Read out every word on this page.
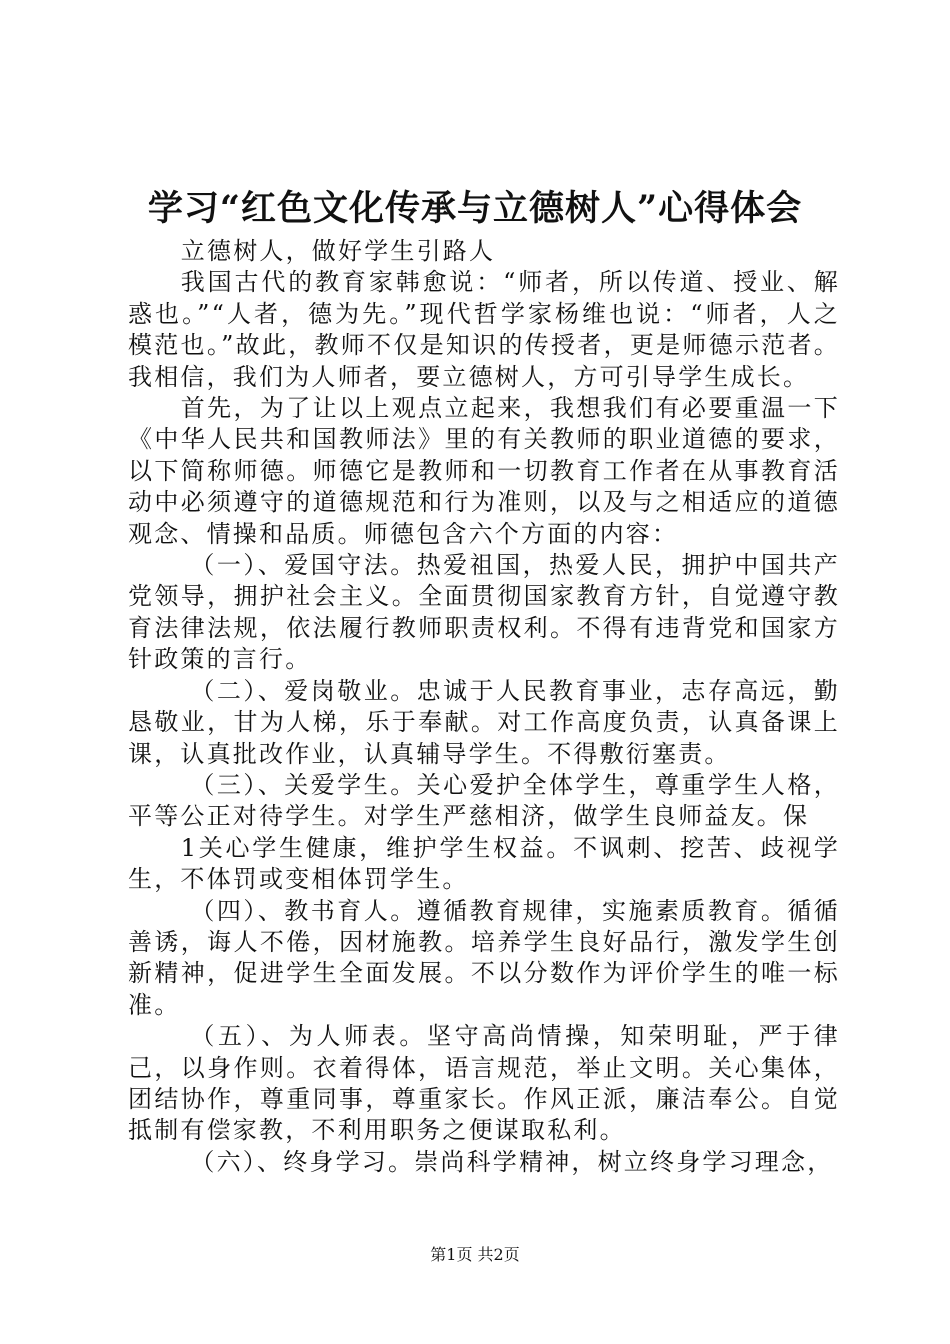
学习“红色文化传承与立德树人”心得体会

立德树人，做好学生引路人

我国古代的教育家韩愈说：“师者，所以传道、授业、解惑也。”“人者，德为先。”现代哲学家杨维也说：“师者，人之模范也。”故此，教师不仅是知识的传授者，更是师德示范者。我相信，我们为人师者，要立德树人，方可引导学生成长。

首先，为了让以上观点立起来，我想我们有必要重温一下《中华人民共和国教师法》里的有关教师的职业道德的要求，以下简称师德。师德它是教师和一切教育工作者在从事教育活动中必须遵守的道德规范和行为准则，以及与之相适应的道德观念、情操和品质。师德包含六个方面的内容：

（一）、爱国守法。热爱祖国，热爱人民，拥护中国共产党领导，拥护社会主义。全面贯彻国家教育方针，自觉遵守教育法律法规，依法履行教师职责权利。不得有违背党和国家方针政策的言行。

（二）、爱岗敬业。忠诚于人民教育事业，志存高远，勤恳敬业，甘为人梯，乐于奉献。对工作高度负责，认真备课上课，认真批改作业，认真辅导学生。不得敷衍塞责。

（三）、关爱学生。关心爱护全体学生，尊重学生人格，平等公正对待学生。对学生严慈相济，做学生良师益友。保

1关心学生健康，维护学生权益。不讽刺、挖苦、歧视学生，不体罚或变相体罚学生。

（四）、教书育人。遵循教育规律，实施素质教育。循循善诱，诲人不倦，因材施教。培养学生良好品行，激发学生创新精神，促进学生全面发展。不以分数作为评价学生的唯一标准。

（五）、为人师表。坚守高尚情操，知荣明耻，严于律己，以身作则。衣着得体，语言规范，举止文明。关心集体，团结协作，尊重同事，尊重家长。作风正派，廉洁奉公。自觉抵制有偿家教，不利用职务之便谋取私利。

（六）、终身学习。崇尚科学精神，树立终身学习理念，

第1页 共2页
